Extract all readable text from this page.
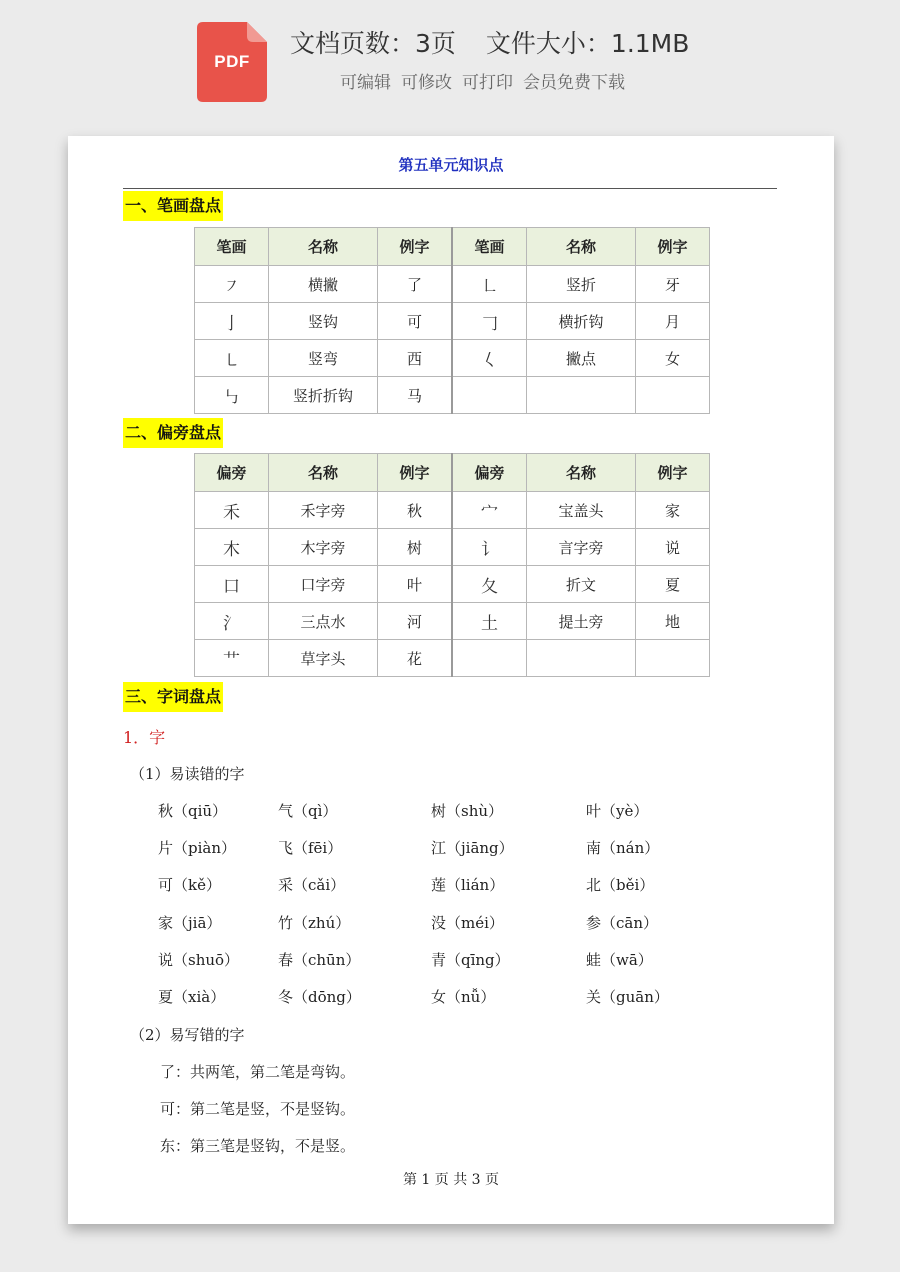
PDF
文档页数：3页 文件大小：1.1MB
可编辑 可修改 可打印 会员免费下载
第五单元知识点
一、笔画盘点
笔画	名称	例字	笔画	名称	例字
㇇	横撇	了	㇗	竖折	牙
亅	竖钩	可	𠃌	横折钩	月
㇄	竖弯	西	𡿨	撇点	女
㇉	竖折折钩	马			
二、偏旁盘点
偏旁	名称	例字	偏旁	名称	例字
禾	禾字旁	秋	宀	宝盖头	家
木	木字旁	树	讠	言字旁	说
口	口字旁	叶	夂	折文	夏
氵	三点水	河	土	提土旁	地
艹	草字头	花			
三、字词盘点
1．字
（1）易读错的字
秋（qiū）	气（qì）	树（shù）	叶（yè）
片（piàn）	飞（fēi）	江（jiāng）	南（nán）
可（kě）	采（cǎi）	莲（lián）	北（běi）
家（jiā）	竹（zhú）	没（méi）	参（cān）
说（shuō）	春（chūn）	青（qīng）	蛙（wā）
夏（xià）	冬（dōng）	女（nǚ）	关（guān）
（2）易写错的字
了：共两笔，第二笔是弯钩。
可：第二笔是竖，不是竖钩。
东：第三笔是竖钩，不是竖。
第 1 页 共 3 页
